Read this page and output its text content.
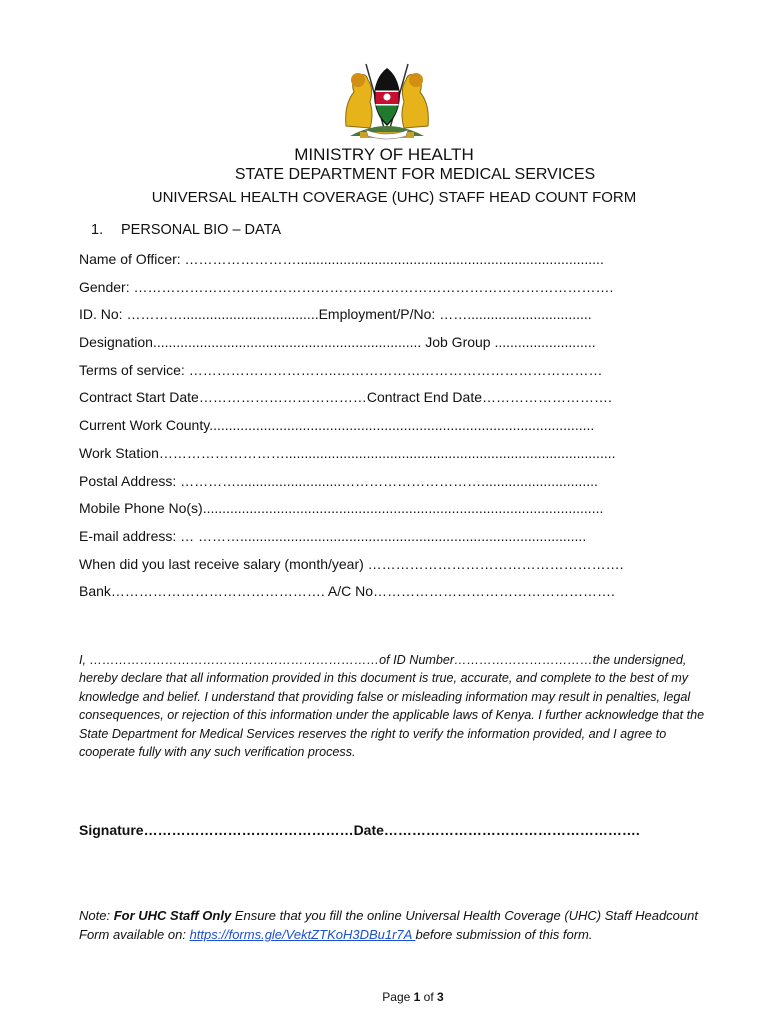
MINISTRY OF HEALTH
STATE DEPARTMENT FOR MEDICAL SERVICES
UNIVERSAL HEALTH COVERAGE (UHC) STAFF HEAD COUNT FORM
1. PERSONAL BIO – DATA
Name of Officer: ……………………...............................................................................
Gender: ………………………………………………………………………………………….
ID. No: …………...................................Employment/P/No: ……................................
Designation..................................................................... Job Group ..........................
Terms of service: …………………………..…………………………………………………
Contract Start Date………………………………Contract End Date……………………….
Current Work County...................................................................................................
Work Station……………………….....................................................................................
Postal Address: …………...........................…………………………..............................
Mobile Phone No(s).......................................................................................................
E-mail address: … ……….........................................................................................
When did you last receive salary (month/year) ……………………………………………….
Bank………………………………………. A/C No…………………………………………….

I, ……………………………………………………………of ID Number……………………………the undersigned, hereby declare that all information provided in this document is true, accurate, and complete to the best of my knowledge and belief. I understand that providing false or misleading information may result in penalties, legal consequences, or rejection of this information under the applicable laws of Kenya. I further acknowledge that the State Department for Medical Services reserves the right to verify the information provided, and I agree to cooperate fully with any such verification process.

Signature………………………………………Date……………………………………………….
Note: For UHC Staff Only Ensure that you fill the online Universal Health Coverage (UHC) Staff Headcount Form available on: https://forms.gle/VektZTKoH3DBu1r7A before submission of this form.
Page 1 of 3
